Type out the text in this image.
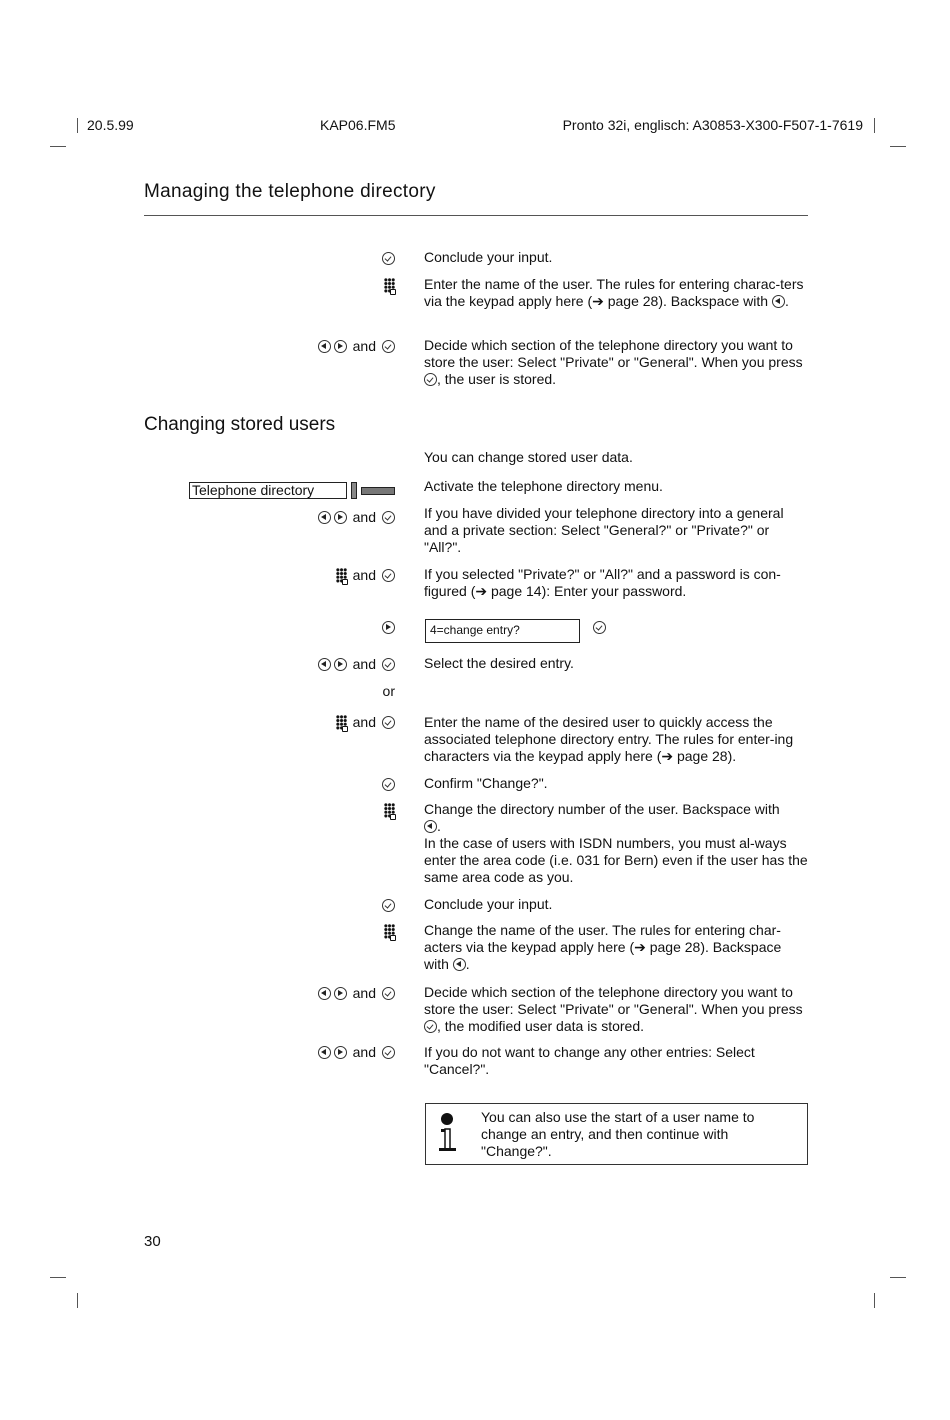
20.5.99	KAP06.FM5	Pronto 32i, englisch: A30853-X300-F507-1-7619
Managing the telephone directory

Conclude your input.

Enter the name of the user. The rules for entering charac-ters via the keypad apply here (➔ page 28). Backspace with .

and	Decide which section of the telephone directory you want to store the user: Select "Private" or "General". When you press , the user is stored.

Changing stored users

You can change stored user data.

Telephone directory	Activate the telephone directory menu.

and	If you have divided your telephone directory into a general and a private section: Select "General?" or "Private?" or "All?".

and	If you selected "Private?" or "All?" and a password is con-figured (➔ page 14): Enter your password.

4=change entry?
and	Select the desired entry.

or
and	Enter the name of the desired user to quickly access the associated telephone directory entry. The rules for enter-ing characters via the keypad apply here (➔ page 28).

Confirm "Change?".

Change the directory number of the user. Backspace with
.
In the case of users with ISDN numbers, you must al-ways enter the area code (i.e. 031 for Bern) even if the user has the same area code as you.

Conclude your input.

Change the name of the user. The rules for entering char-acters via the keypad apply here (➔ page 28). Backspace with .

and	Decide which section of the telephone directory you want to store the user: Select "Private" or "General". When you press , the modified user data is stored.

and	If you do not want to change any other entries: Select "Cancel?".

You can also use the start of a user name to change an entry, and then continue with "Change?".

30
